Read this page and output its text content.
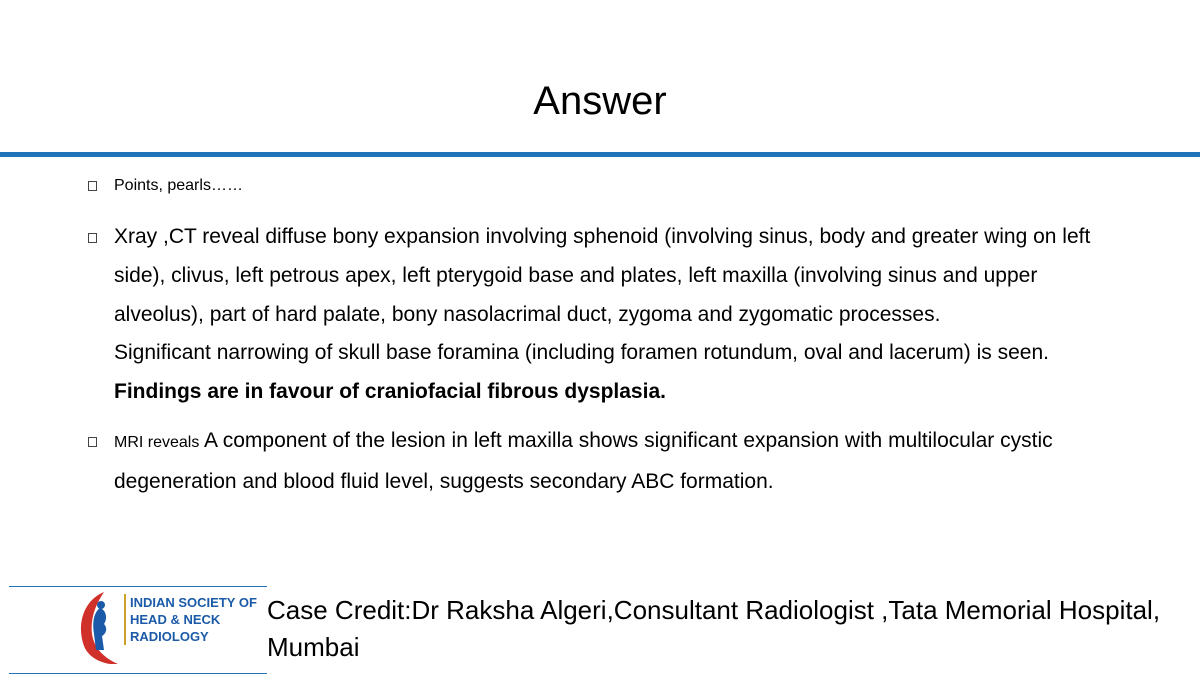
Answer
Points, pearls……
Xray ,CT reveal diffuse bony expansion involving sphenoid (involving sinus, body and greater wing on left side), clivus, left petrous apex, left pterygoid base and plates, left maxilla (involving sinus and upper alveolus), part of hard palate, bony nasolacrimal duct, zygoma and zygomatic processes.
Significant narrowing of skull base foramina (including foramen rotundum, oval and lacerum) is seen.
Findings are in favour of craniofacial fibrous dysplasia.
MRI reveals A component of the lesion in left maxilla shows significant expansion with multilocular cystic degeneration and blood fluid level, suggests secondary ABC formation.
INDIAN SOCIETY OF
HEAD & NECK
RADIOLOGY
Case Credit:Dr Raksha Algeri,Consultant Radiologist ,Tata Memorial Hospital, Mumbai
